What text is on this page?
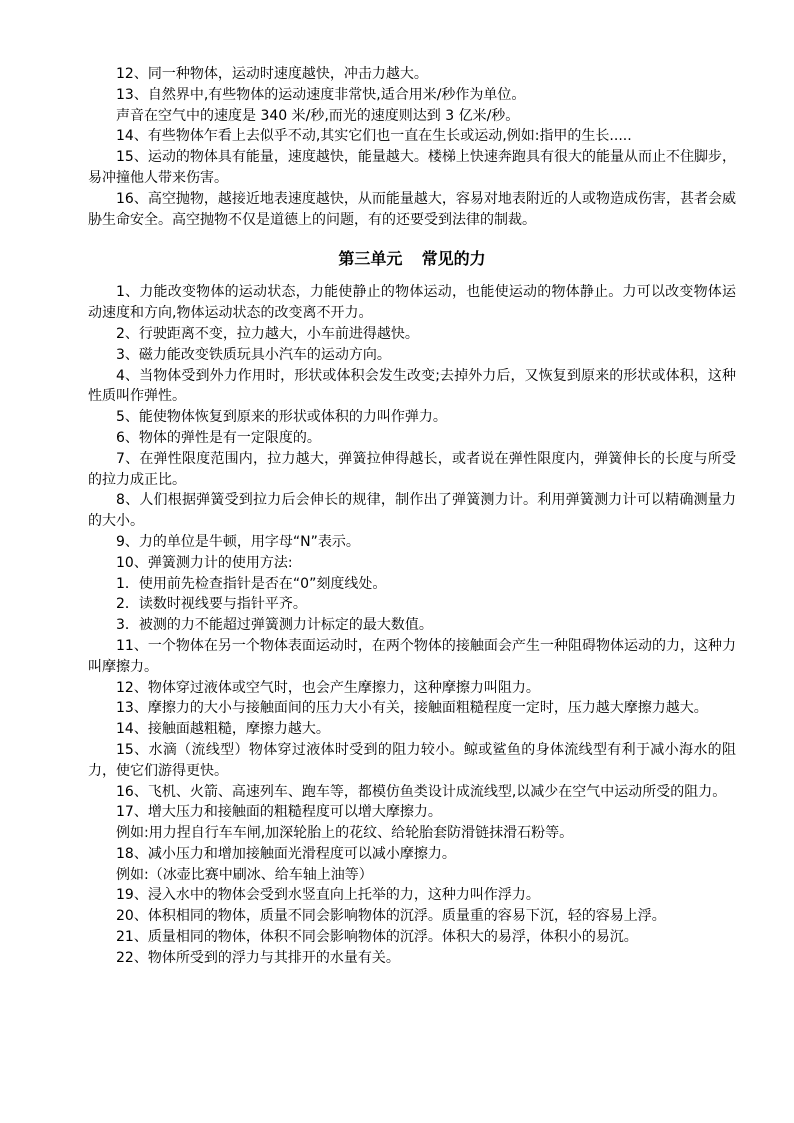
12、同一种物体，运动时速度越快，冲击力越大。

13、自然界中,有些物体的运动速度非常快,适合用米/秒作为单位。

声音在空气中的速度是 340 米/秒,而光的速度则达到 3 亿米/秒。

14、有些物体乍看上去似乎不动,其实它们也一直在生长或运动,例如:指甲的生长.....

15、运动的物体具有能量，速度越快，能量越大。楼梯上快速奔跑具有很大的能量从而止不住脚步，易冲撞他人带来伤害。

16、高空抛物，越接近地表速度越快，从而能量越大，容易对地表附近的人或物造成伤害，甚者会威胁生命安全。高空抛物不仅是道德上的问题，有的还要受到法律的制裁。

第三单元 常见的力

1、力能改变物体的运动状态，力能使静止的物体运动，也能使运动的物体静止。力可以改变物体运动速度和方向,物体运动状态的改变离不开力。

2、行驶距离不变，拉力越大，小车前进得越快。

3、磁力能改变铁质玩具小汽车的运动方向。

4、当物体受到外力作用时，形状或体积会发生改变;去掉外力后，又恢复到原来的形状或体积，这种性质叫作弹性。

5、能使物体恢复到原来的形状或体积的力叫作弹力。

6、物体的弹性是有一定限度的。

7、在弹性限度范围内，拉力越大，弹簧拉伸得越长，或者说在弹性限度内，弹簧伸长的长度与所受的拉力成正比。

8、人们根据弹簧受到拉力后会伸长的规律，制作出了弹簧测力计。利用弹簧测力计可以精确测量力的大小。

9、力的单位是牛顿，用字母“N”表示。

10、弹簧测力计的使用方法:

1．使用前先检查指针是否在“0”刻度线处。

2．读数时视线要与指针平齐。

3．被测的力不能超过弹簧测力计标定的最大数值。

11、一个物体在另一个物体表面运动时，在两个物体的接触面会产生一种阻碍物体运动的力，这种力叫摩擦力。

12、物体穿过液体或空气时，也会产生摩擦力，这种摩擦力叫阻力。

13、摩擦力的大小与接触面间的压力大小有关，接触面粗糙程度一定时，压力越大摩擦力越大。

14、接触面越粗糙，摩擦力越大。

15、水滴（流线型）物体穿过液体时受到的阻力较小。鲸或鲨鱼的身体流线型有利于减小海水的阻力，使它们游得更快。

16、飞机、火箭、高速列车、跑车等，都模仿鱼类设计成流线型,以减少在空气中运动所受的阻力。

17、增大压力和接触面的粗糙程度可以增大摩擦力。

例如:用力捏自行车车闸,加深轮胎上的花纹、给轮胎套防滑链抹滑石粉等。

18、减小压力和增加接触面光滑程度可以减小摩擦力。

例如:（冰壶比赛中刷冰、给车轴上油等）

19、浸入水中的物体会受到水竖直向上托举的力，这种力叫作浮力。

20、体积相同的物体，质量不同会影响物体的沉浮。质量重的容易下沉，轻的容易上浮。

21、质量相同的物体，体积不同会影响物体的沉浮。体积大的易浮，体积小的易沉。

22、物体所受到的浮力与其排开的水量有关。
